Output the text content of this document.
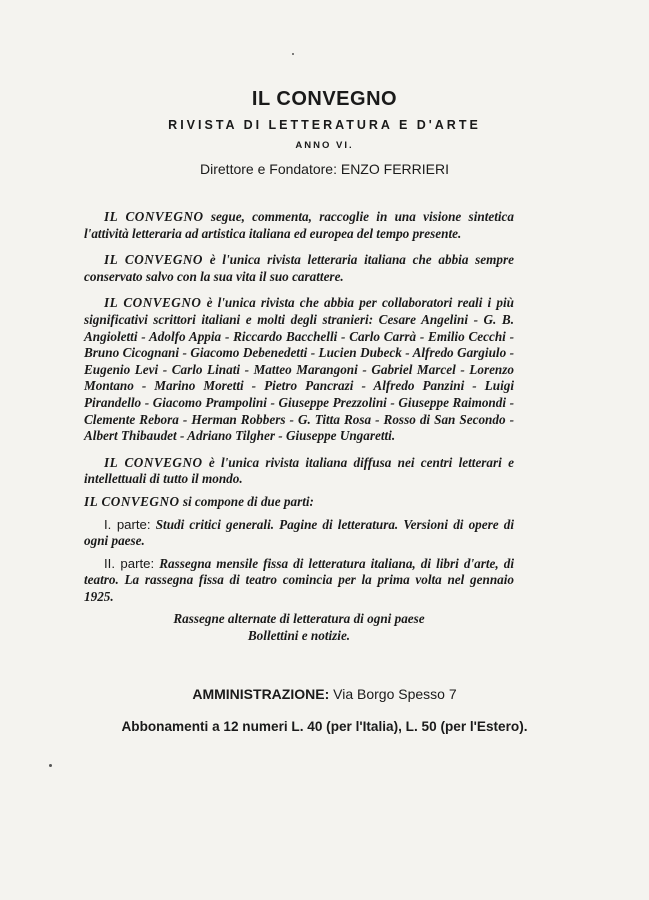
IL CONVEGNO
RIVISTA DI LETTERATURA E D'ARTE
ANNO VI.
Direttore e Fondatore: ENZO FERRIERI

IL CONVEGNO segue, commenta, raccoglie in una visione sintetica l'attività letteraria ad artistica italiana ed europea del tempo presente.

IL CONVEGNO è l'unica rivista letteraria italiana che abbia sempre conservato salvo con la sua vita il suo carattere.

IL CONVEGNO è l'unica rivista che abbia per collaboratori reali i più significativi scrittori italiani e molti degli stranieri: Cesare Angelini - G. B. Angioletti - Adolfo Appia - Riccardo Bacchelli - Carlo Carrà - Emilio Cecchi - Bruno Cicognani - Giacomo Debenedetti - Lucien Dubeck - Alfredo Gargiulo - Eugenio Levi - Carlo Linati - Matteo Marangoni - Gabriel Marcel - Lorenzo Montano - Marino Moretti - Pietro Pancrazi - Alfredo Panzini - Luigi Pirandello - Giacomo Prampolini - Giuseppe Prezzolini - Giuseppe Raimondi - Clemente Rebora - Herman Robbers - G. Titta Rosa - Rosso di San Secondo - Albert Thibaudet - Adriano Tilgher - Giuseppe Ungaretti.

IL CONVEGNO è l'unica rivista italiana diffusa nei centri letterari e intellettuali di tutto il mondo.

IL CONVEGNO si compone di due parti:

I. parte: Studi critici generali. Pagine di letteratura. Versioni di opere di ogni paese.

II. parte: Rassegna mensile fissa di letteratura italiana, di libri d'arte, di teatro. La rassegna fissa di teatro comincia per la prima volta nel gennaio 1925.

Rassegne alternate di letteratura di ogni paese

Bollettini e notizie.

AMMINISTRAZIONE: Via Borgo Spesso 7
Abbonamenti a 12 numeri L. 40 (per l'Italia), L. 50 (per l'Estero).
